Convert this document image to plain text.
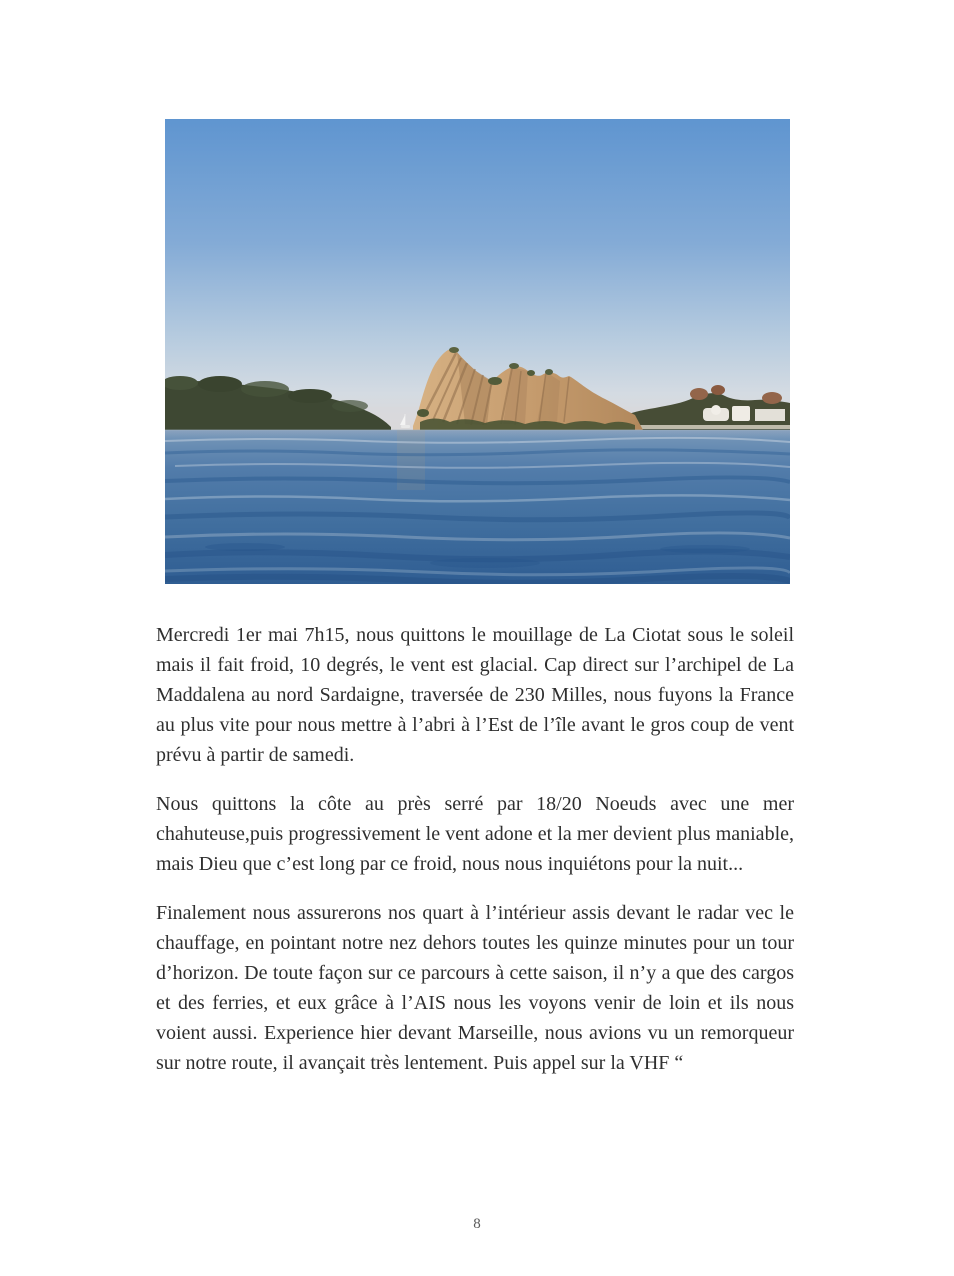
Mercredi 1er mai 7h15, nous quittons le mouillage de La Ciotat sous le soleil mais il fait froid, 10 degrés, le vent est glacial. Cap direct sur l’archipel de La Maddalena au nord Sardaigne, traversée de 230 Milles, nous fuyons la France au plus vite pour nous mettre à l’abri à l’Est de l’île avant le gros coup de vent prévu à partir de samedi.

Nous quittons la côte au près serré par 18/20 Noeuds avec une mer chahuteuse,puis progressivement le vent adone et la mer devient plus maniable, mais Dieu que c’est long par ce froid, nous nous inquiétons pour la nuit...

Finalement nous assurerons nos quart à l’intérieur assis devant le radar vec le chauffage, en pointant notre nez dehors toutes les quinze minutes pour un tour d’horizon. De toute façon sur ce parcours à cette saison, il n’y a que des cargos et des ferries, et eux grâce à l’AIS nous les voyons venir de loin et ils nous voient aussi. Experience hier devant Marseille, nous avions vu un remorqueur sur notre route, il avançait très lentement. Puis appel sur la VHF “

8
